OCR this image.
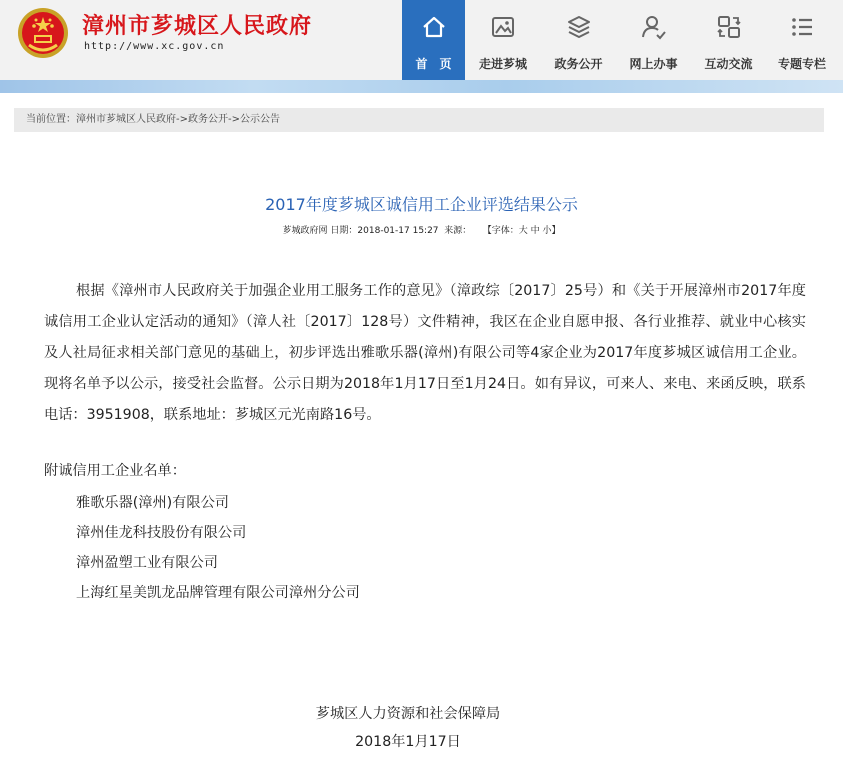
漳州市芗城区人民政府
http://www.xc.gov.cn
首页	走进芗城	政务公开	网上办事	互动交流	专题专栏
当前位置：漳州市芗城区人民政府->政务公开->公示公告
2017年度芗城区诚信用工企业评选结果公示
芗城政府网 日期：2018-01-17 15:27 来源： 【字体：大 中 小】
根据《漳州市人民政府关于加强企业用工服务工作的意见》（漳政综〔2017〕25号）和《关于开展漳州市2017年度诚信用工企业认定活动的通知》（漳人社〔2017〕128号）文件精神，我区在企业自愿申报、各行业推荐、就业中心核实及人社局征求相关部门意见的基础上，初步评选出雅歌乐器(漳州)有限公司等4家企业为2017年度芗城区诚信用工企业。现将名单予以公示，接受社会监督。公示日期为2018年1月17日至1月24日。如有异议，可来人、来电、来函反映，联系电话：3951908，联系地址：芗城区元光南路16号。
附诚信用工企业名单：
雅歌乐器(漳州)有限公司
漳州佳龙科技股份有限公司
漳州盈塑工业有限公司
上海红星美凯龙品牌管理有限公司漳州分公司
芗城区人力资源和社会保障局
2018年1月17日
